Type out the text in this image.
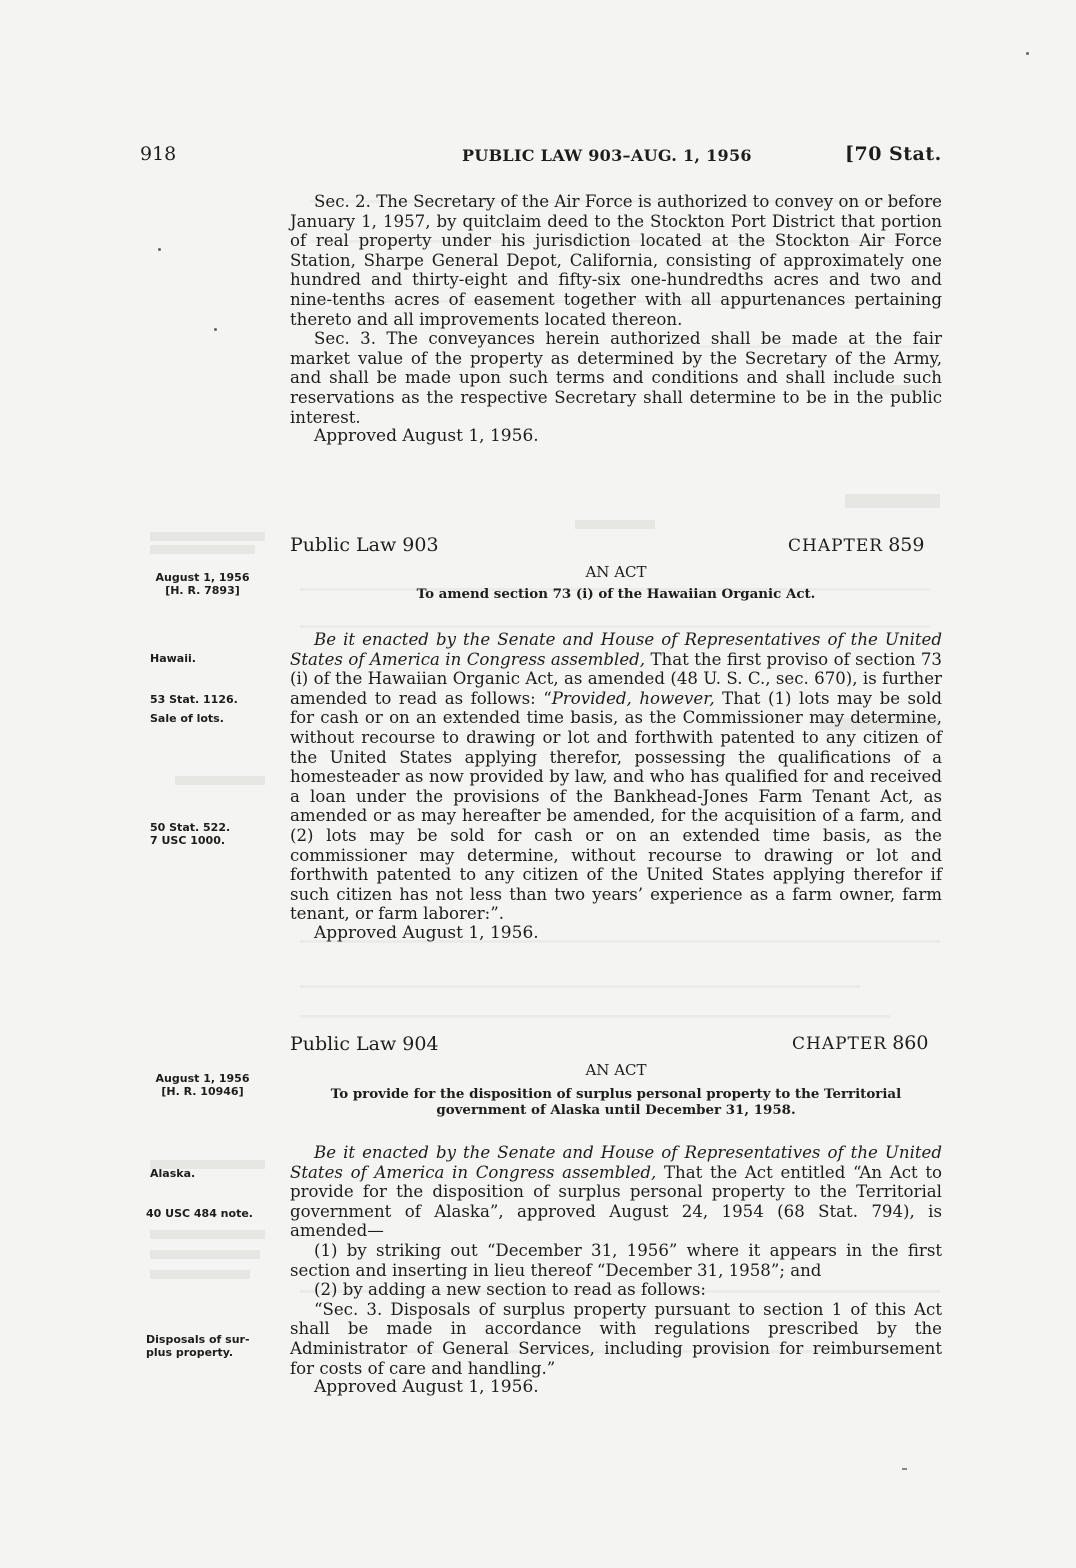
918	PUBLIC LAW 903–AUG. 1, 1956	[70 Stat.

Sec. 2. The Secretary of the Air Force is authorized to convey on or before January 1, 1957, by quitclaim deed to the Stockton Port District that portion of real property under his jurisdiction located at the Stockton Air Force Station, Sharpe General Depot, California, consisting of approximately one hundred and thirty-eight and fifty-six one-hundredths acres and two and nine-tenths acres of easement together with all appurtenances pertaining thereto and all improvements located thereon.

Sec. 3. The conveyances herein authorized shall be made at the fair market value of the property as determined by the Secretary of the Army, and shall be made upon such terms and conditions and shall include such reservations as the respective Secretary shall determine to be in the public interest.

Approved August 1, 1956.

Public Law 903	CHAPTER 859
AN ACT
To amend section 73 (i) of the Hawaiian Organic Act.
August 1, 1956
[H. R. 7893]
Hawaii.
53 Stat. 1126.
Sale of lots.
50 Stat. 522.
7 USC 1000.

Be it enacted by the Senate and House of Representatives of the United States of America in Congress assembled, That the first proviso of section 73 (i) of the Hawaiian Organic Act, as amended (48 U. S. C., sec. 670), is further amended to read as follows: “Provided, however, That (1) lots may be sold for cash or on an extended time basis, as the Commissioner may determine, without recourse to drawing or lot and forthwith patented to any citizen of the United States applying therefor, possessing the qualifications of a homesteader as now provided by law, and who has qualified for and received a loan under the provisions of the Bankhead-Jones Farm Tenant Act, as amended or as may hereafter be amended, for the acquisition of a farm, and (2) lots may be sold for cash or on an extended time basis, as the commissioner may determine, without recourse to drawing or lot and forthwith patented to any citizen of the United States applying therefor if such citizen has not less than two years’ experience as a farm owner, farm tenant, or farm laborer:”.

Approved August 1, 1956.

Public Law 904	CHAPTER 860
AN ACT
To provide for the disposition of surplus personal property to the Territorial
government of Alaska until December 31, 1958.
August 1, 1956
[H. R. 10946]
Alaska.
40 USC 484 note.
Disposals of sur-
plus property.

Be it enacted by the Senate and House of Representatives of the United States of America in Congress assembled, That the Act entitled “An Act to provide for the disposition of surplus personal property to the Territorial government of Alaska”, approved August 24, 1954 (68 Stat. 794), is amended—

(1) by striking out “December 31, 1956” where it appears in the first section and inserting in lieu thereof “December 31, 1958”; and

(2) by adding a new section to read as follows:

“Sec. 3. Disposals of surplus property pursuant to section 1 of this Act shall be made in accordance with regulations prescribed by the Administrator of General Services, including provision for reimbursement for costs of care and handling.”

Approved August 1, 1956.
